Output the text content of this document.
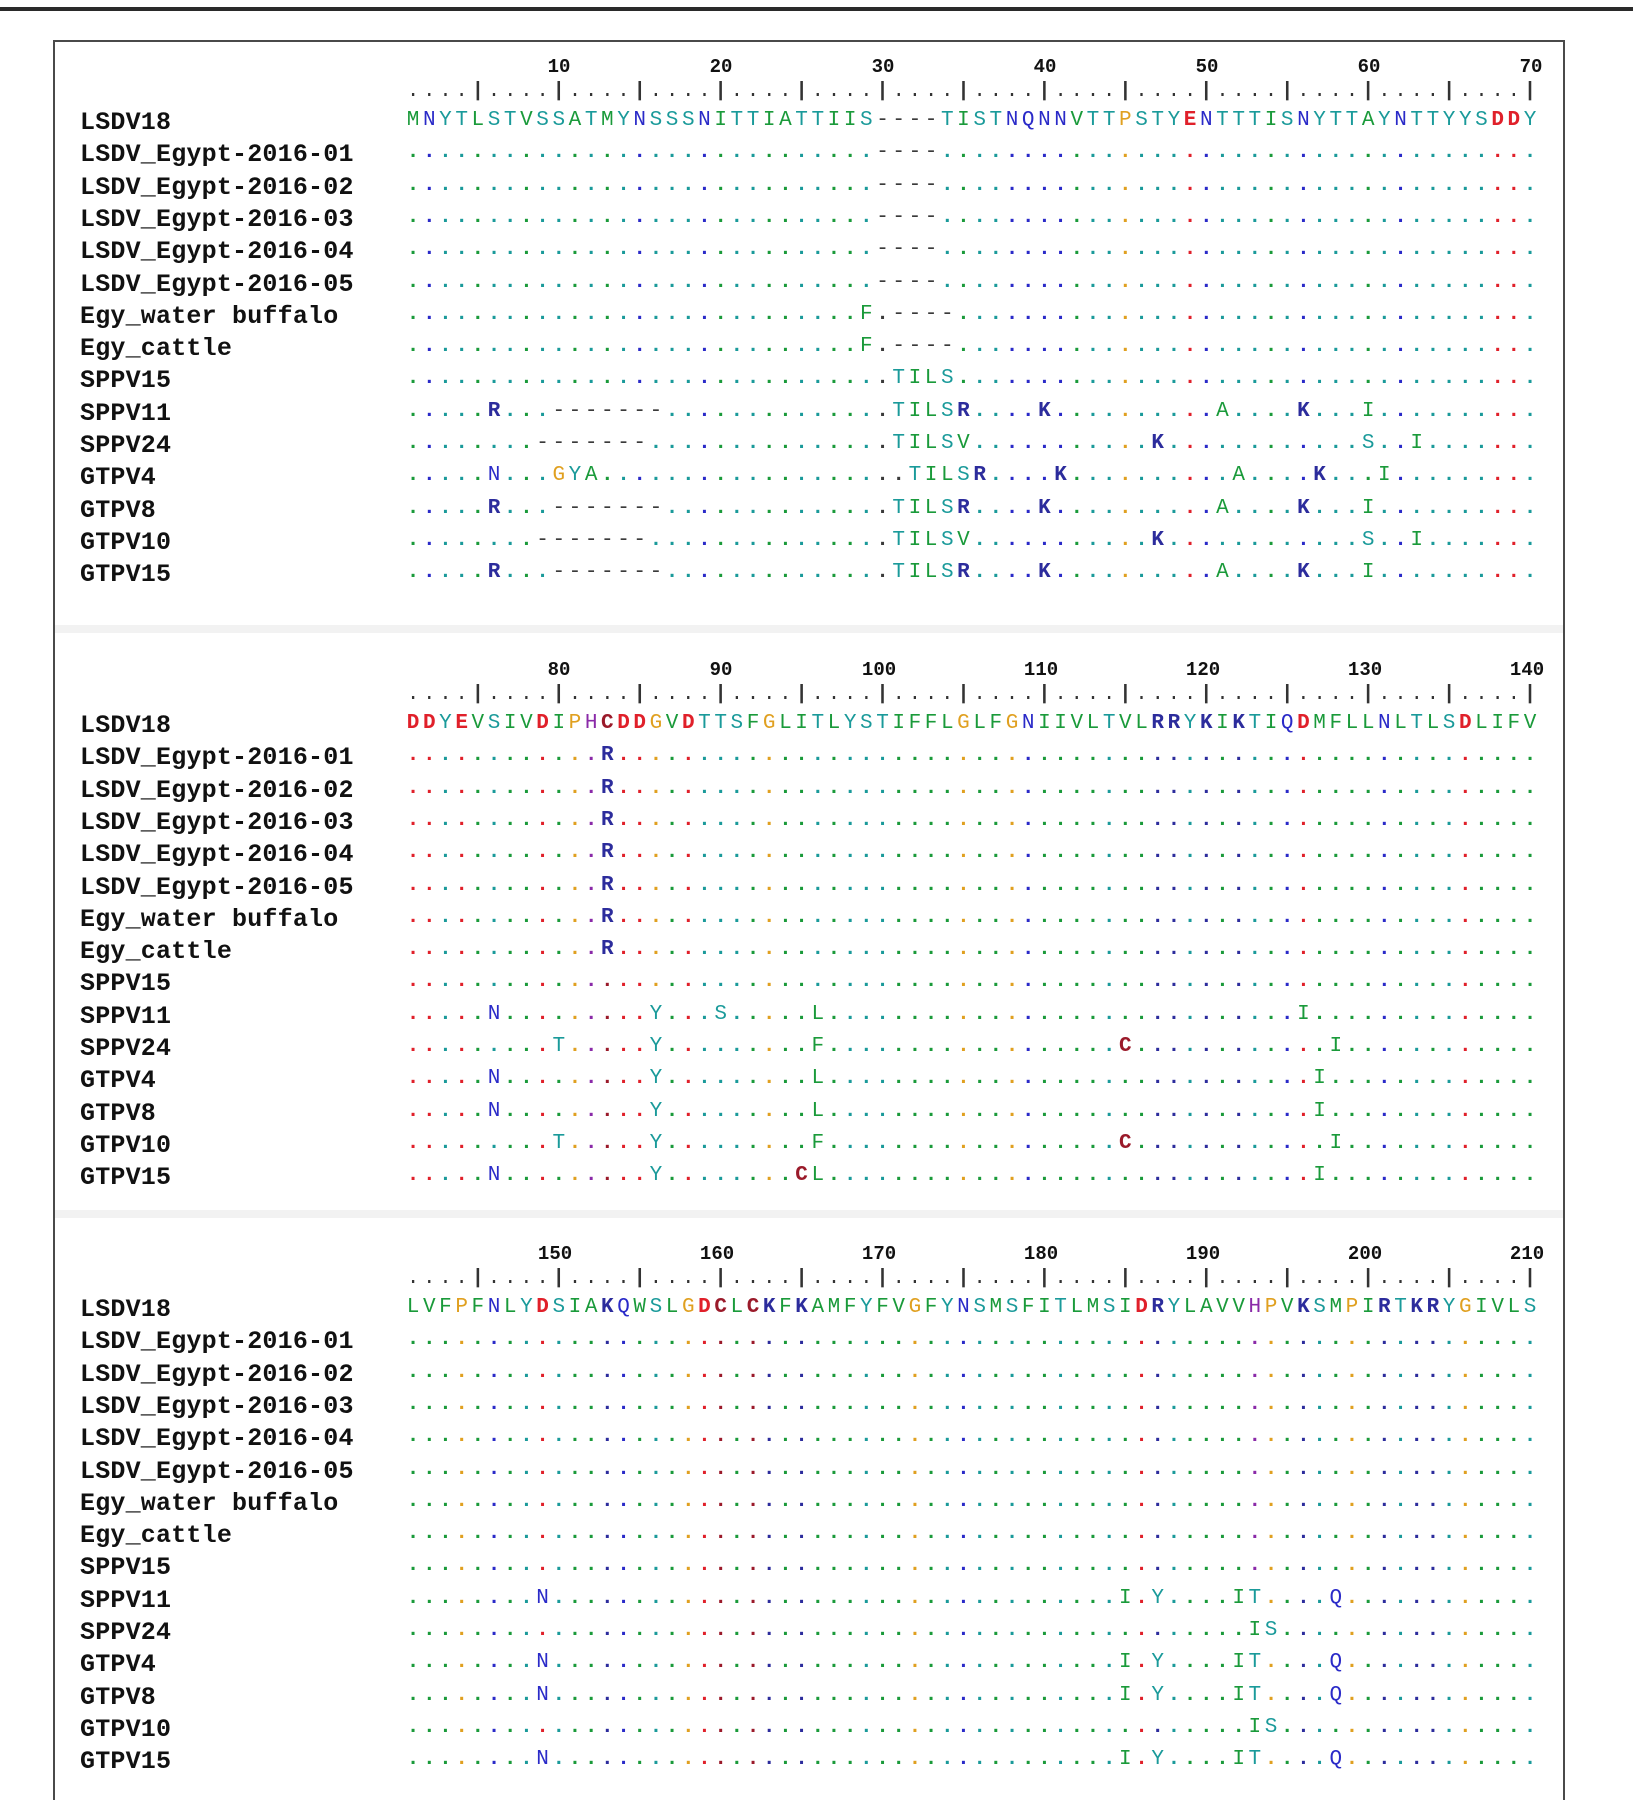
10	20	30	40	50	60	70
. . . . | . . . . | . . . . | . . . . | . . . . | . . . . | . . . . | . . . . | . . . . | . . . . | . . . . | . . . . | . . . . | . . . . |
LSDV18	M N Y T L S T V S S A T M Y N S S S N I T T I A T T I I S - - - - T I S T N Q N N V T T P S T Y E N T T T I S N Y T T A Y N T T Y Y S D D Y
LSDV_Egypt-2016-01	. . . . . . . . . . . . . . . . . . . . . . . . . . . . . - - - - . . . . . . . . . . . . . . . . . . . . . . . . . . . . . . . . . . . . .
LSDV_Egypt-2016-02	. . . . . . . . . . . . . . . . . . . . . . . . . . . . . - - - - . . . . . . . . . . . . . . . . . . . . . . . . . . . . . . . . . . . . .
LSDV_Egypt-2016-03	. . . . . . . . . . . . . . . . . . . . . . . . . . . . . - - - - . . . . . . . . . . . . . . . . . . . . . . . . . . . . . . . . . . . . .
LSDV_Egypt-2016-04	. . . . . . . . . . . . . . . . . . . . . . . . . . . . . - - - - . . . . . . . . . . . . . . . . . . . . . . . . . . . . . . . . . . . . .
LSDV_Egypt-2016-05	. . . . . . . . . . . . . . . . . . . . . . . . . . . . . - - - - . . . . . . . . . . . . . . . . . . . . . . . . . . . . . . . . . . . . .
Egy_water buffalo	. . . . . . . . . . . . . . . . . . . . . . . . . . . . F . - - - - . . . . . . . . . . . . . . . . . . . . . . . . . . . . . . . . . . . .
Egy_cattle	. . . . . . . . . . . . . . . . . . . . . . . . . . . . F . - - - - . . . . . . . . . . . . . . . . . . . . . . . . . . . . . . . . . . . .
SPPV15	. . . . . . . . . . . . . . . . . . . . . . . . . . . . . . T I L S . . . . . . . . . . . . . . . . . . . . . . . . . . . . . . . . . . . .
SPPV11	. . . . . R . . . - - - - - - - . . . . . . . . . . . . . . T I L S R . . . . K . . . . . . . . . . A . . . . K . . . I . . . . . . . . . .
SPPV24	. . . . . . . . - - - - - - - . . . . . . . . . . . . . . . T I L S V . . . . . . . . . . . K . . . . . . . . . . . . S . . I . . . . . . .
GTPV4	. . . . . N . . . G Y A . . . . . . . . . . . . . . . . . . . T I L S R . . . . K . . . . . . . . . . A . . . . K . . . I . . . . . . . . .
GTPV8	. . . . . R . . . - - - - - - - . . . . . . . . . . . . . . T I L S R . . . . K . . . . . . . . . . A . . . . K . . . I . . . . . . . . . .
GTPV10	. . . . . . . . - - - - - - - . . . . . . . . . . . . . . . T I L S V . . . . . . . . . . . K . . . . . . . . . . . . S . . I . . . . . . .
GTPV15	. . . . . R . . . - - - - - - - . . . . . . . . . . . . . . T I L S R . . . . K . . . . . . . . . . A . . . . K . . . I . . . . . . . . . .
80	90	100	110	120	130	140
. . . . | . . . . | . . . . | . . . . | . . . . | . . . . | . . . . | . . . . | . . . . | . . . . | . . . . | . . . . | . . . . | . . . . |
LSDV18	D D Y E V S I V D I P H C D D G V D T T S F G L I T L Y S T I F F L G L F G N I I V L T V L R R Y K I K T I Q D M F L L N L T L S D L I F V
LSDV_Egypt-2016-01	. . . . . . . . . . . . R . . . . . . . . . . . . . . . . . . . . . . . . . . . . . . . . . . . . . . . . . . . . . . . . . . . . . . . . .
LSDV_Egypt-2016-02	. . . . . . . . . . . . R . . . . . . . . . . . . . . . . . . . . . . . . . . . . . . . . . . . . . . . . . . . . . . . . . . . . . . . . .
LSDV_Egypt-2016-03	. . . . . . . . . . . . R . . . . . . . . . . . . . . . . . . . . . . . . . . . . . . . . . . . . . . . . . . . . . . . . . . . . . . . . .
LSDV_Egypt-2016-04	. . . . . . . . . . . . R . . . . . . . . . . . . . . . . . . . . . . . . . . . . . . . . . . . . . . . . . . . . . . . . . . . . . . . . .
LSDV_Egypt-2016-05	. . . . . . . . . . . . R . . . . . . . . . . . . . . . . . . . . . . . . . . . . . . . . . . . . . . . . . . . . . . . . . . . . . . . . .
Egy_water buffalo	. . . . . . . . . . . . R . . . . . . . . . . . . . . . . . . . . . . . . . . . . . . . . . . . . . . . . . . . . . . . . . . . . . . . . .
Egy_cattle	. . . . . . . . . . . . R . . . . . . . . . . . . . . . . . . . . . . . . . . . . . . . . . . . . . . . . . . . . . . . . . . . . . . . . .
SPPV15	. . . . . . . . . . . . . . . . . . . . . . . . . . . . . . . . . . . . . . . . . . . . . . . . . . . . . . . . . . . . . . . . . . . . . .
SPPV11	. . . . . N . . . . . . . . . Y . . . S . . . . . L . . . . . . . . . . . . . . . . . . . . . . . . . . . . . I . . . . . . . . . . . . . .
SPPV24	. . . . . . . . . T . . . . . Y . . . . . . . . . F . . . . . . . . . . . . . . . . . . C . . . . . . . . . . . . I . . . . . . . . . . . .
GTPV4	. . . . . N . . . . . . . . . Y . . . . . . . . . L . . . . . . . . . . . . . . . . . . . . . . . . . . . . . . I . . . . . . . . . . . . .
GTPV8	. . . . . N . . . . . . . . . Y . . . . . . . . . L . . . . . . . . . . . . . . . . . . . . . . . . . . . . . . I . . . . . . . . . . . . .
GTPV10	. . . . . . . . . T . . . . . Y . . . . . . . . . F . . . . . . . . . . . . . . . . . . C . . . . . . . . . . . . I . . . . . . . . . . . .
GTPV15	. . . . . N . . . . . . . . . Y . . . . . . . . C L . . . . . . . . . . . . . . . . . . . . . . . . . . . . . . I . . . . . . . . . . . . .
150	160	170	180	190	200	210
. . . . | . . . . | . . . . | . . . . | . . . . | . . . . | . . . . | . . . . | . . . . | . . . . | . . . . | . . . . | . . . . | . . . . |
LSDV18	L V F P F N L Y D S I A K Q W S L G D C L C K F K A M F Y F V G F Y N S M S F I T L M S I D R Y L A V V H P V K S M P I R T K R Y G I V L S
LSDV_Egypt-2016-01	. . . . . . . . . . . . . . . . . . . . . . . . . . . . . . . . . . . . . . . . . . . . . . . . . . . . . . . . . . . . . . . . . . . . . .
LSDV_Egypt-2016-02	. . . . . . . . . . . . . . . . . . . . . . . . . . . . . . . . . . . . . . . . . . . . . . . . . . . . . . . . . . . . . . . . . . . . . .
LSDV_Egypt-2016-03	. . . . . . . . . . . . . . . . . . . . . . . . . . . . . . . . . . . . . . . . . . . . . . . . . . . . . . . . . . . . . . . . . . . . . .
LSDV_Egypt-2016-04	. . . . . . . . . . . . . . . . . . . . . . . . . . . . . . . . . . . . . . . . . . . . . . . . . . . . . . . . . . . . . . . . . . . . . .
LSDV_Egypt-2016-05	. . . . . . . . . . . . . . . . . . . . . . . . . . . . . . . . . . . . . . . . . . . . . . . . . . . . . . . . . . . . . . . . . . . . . .
Egy_water buffalo	. . . . . . . . . . . . . . . . . . . . . . . . . . . . . . . . . . . . . . . . . . . . . . . . . . . . . . . . . . . . . . . . . . . . . .
Egy_cattle	. . . . . . . . . . . . . . . . . . . . . . . . . . . . . . . . . . . . . . . . . . . . . . . . . . . . . . . . . . . . . . . . . . . . . .
SPPV15	. . . . . . . . . . . . . . . . . . . . . . . . . . . . . . . . . . . . . . . . . . . . . . . . . . . . . . . . . . . . . . . . . . . . . .
SPPV11	. . . . . . . . N . . . . . . . . . . . . . . . . . . . . . . . . . . . . . . . . . . . I . Y . . . . I T . . . . Q . . . . . . . . . . . .
SPPV24	. . . . . . . . . . . . . . . . . . . . . . . . . . . . . . . . . . . . . . . . . . . . . . . . . . . . I S . . . . . . . . . . . . . . . .
GTPV4	. . . . . . . . N . . . . . . . . . . . . . . . . . . . . . . . . . . . . . . . . . . . I . Y . . . . I T . . . . Q . . . . . . . . . . . .
GTPV8	. . . . . . . . N . . . . . . . . . . . . . . . . . . . . . . . . . . . . . . . . . . . I . Y . . . . I T . . . . Q . . . . . . . . . . . .
GTPV10	. . . . . . . . . . . . . . . . . . . . . . . . . . . . . . . . . . . . . . . . . . . . . . . . . . . . I S . . . . . . . . . . . . . . . .
GTPV15	. . . . . . . . N . . . . . . . . . . . . . . . . . . . . . . . . . . . . . . . . . . . I . Y . . . . I T . . . . Q . . . . . . . . . . . .
